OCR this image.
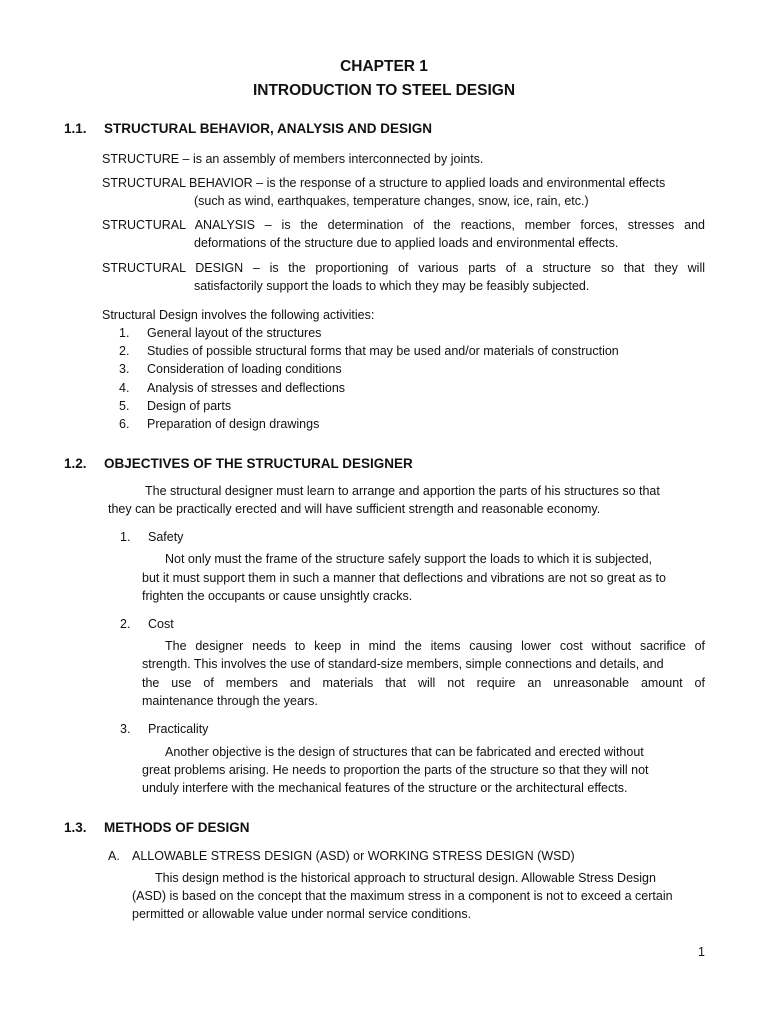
CHAPTER 1
INTRODUCTION TO STEEL DESIGN
1.1. STRUCTURAL BEHAVIOR, ANALYSIS AND DESIGN
STRUCTURE – is an assembly of members interconnected by joints.
STRUCTURAL BEHAVIOR – is the response of a structure to applied loads and environmental effects
(such as wind, earthquakes, temperature changes, snow, ice, rain, etc.)
STRUCTURAL ANALYSIS – is the determination of the reactions, member forces, stresses and
deformations of the structure due to applied loads and environmental effects.
STRUCTURAL DESIGN – is the proportioning of various parts of a structure so that they will
satisfactorily support the loads to which they may be feasibly subjected.
Structural Design involves the following activities:
1. General layout of the structures
2. Studies of possible structural forms that may be used and/or materials of construction
3. Consideration of loading conditions
4. Analysis of stresses and deflections
5. Design of parts
6. Preparation of design drawings
1.2. OBJECTIVES OF THE STRUCTURAL DESIGNER
The structural designer must learn to arrange and apportion the parts of his structures so that
they can be practically erected and will have sufficient strength and reasonable economy.
1. Safety
Not only must the frame of the structure safely support the loads to which it is subjected,
but it must support them in such a manner that deflections and vibrations are not so great as to
frighten the occupants or cause unsightly cracks.
2. Cost
The designer needs to keep in mind the items causing lower cost without sacrifice of
strength. This involves the use of standard-size members, simple connections and details, and
the use of members and materials that will not require an unreasonable amount of
maintenance through the years.
3. Practicality
Another objective is the design of structures that can be fabricated and erected without
great problems arising. He needs to proportion the parts of the structure so that they will not
unduly interfere with the mechanical features of the structure or the architectural effects.
1.3. METHODS OF DESIGN
A. ALLOWABLE STRESS DESIGN (ASD) or WORKING STRESS DESIGN (WSD)
This design method is the historical approach to structural design. Allowable Stress Design
(ASD) is based on the concept that the maximum stress in a component is not to exceed a certain
permitted or allowable value under normal service conditions.
1
